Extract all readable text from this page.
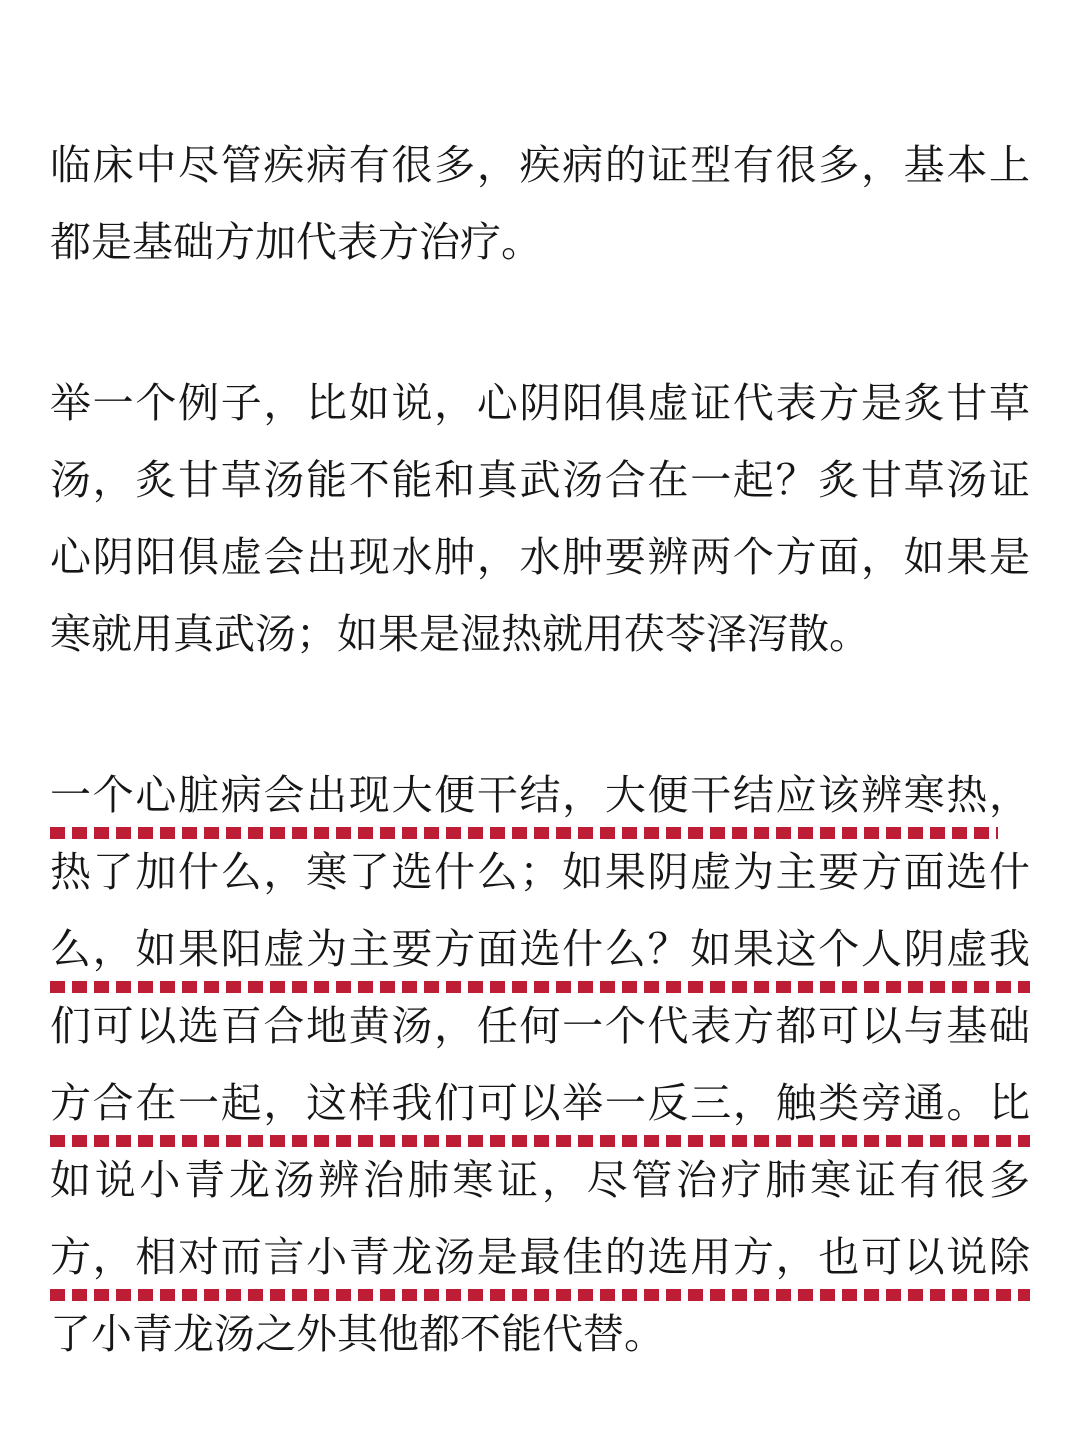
临床中尽管疾病有很多，疾病的证型有很多，基本上
都是基础方加代表方治疗。
举一个例子，比如说，心阴阳俱虚证代表方是炙甘草
汤，炙甘草汤能不能和真武汤合在一起？炙甘草汤证
心阴阳俱虚会出现水肿，水肿要辨两个方面，如果是
寒就用真武汤；如果是湿热就用茯苓泽泻散。
一个心脏病会出现大便干结，大便干结应该辨寒热，
热了加什么，寒了选什么；如果阴虚为主要方面选什
么，如果阳虚为主要方面选什么？如果这个人阴虚我
们可以选百合地黄汤，任何一个代表方都可以与基础
方合在一起，这样我们可以举一反三，触类旁通。比
如说小青龙汤辨治肺寒证，尽管治疗肺寒证有很多
方，相对而言小青龙汤是最佳的选用方，也可以说除
了小青龙汤之外其他都不能代替。
